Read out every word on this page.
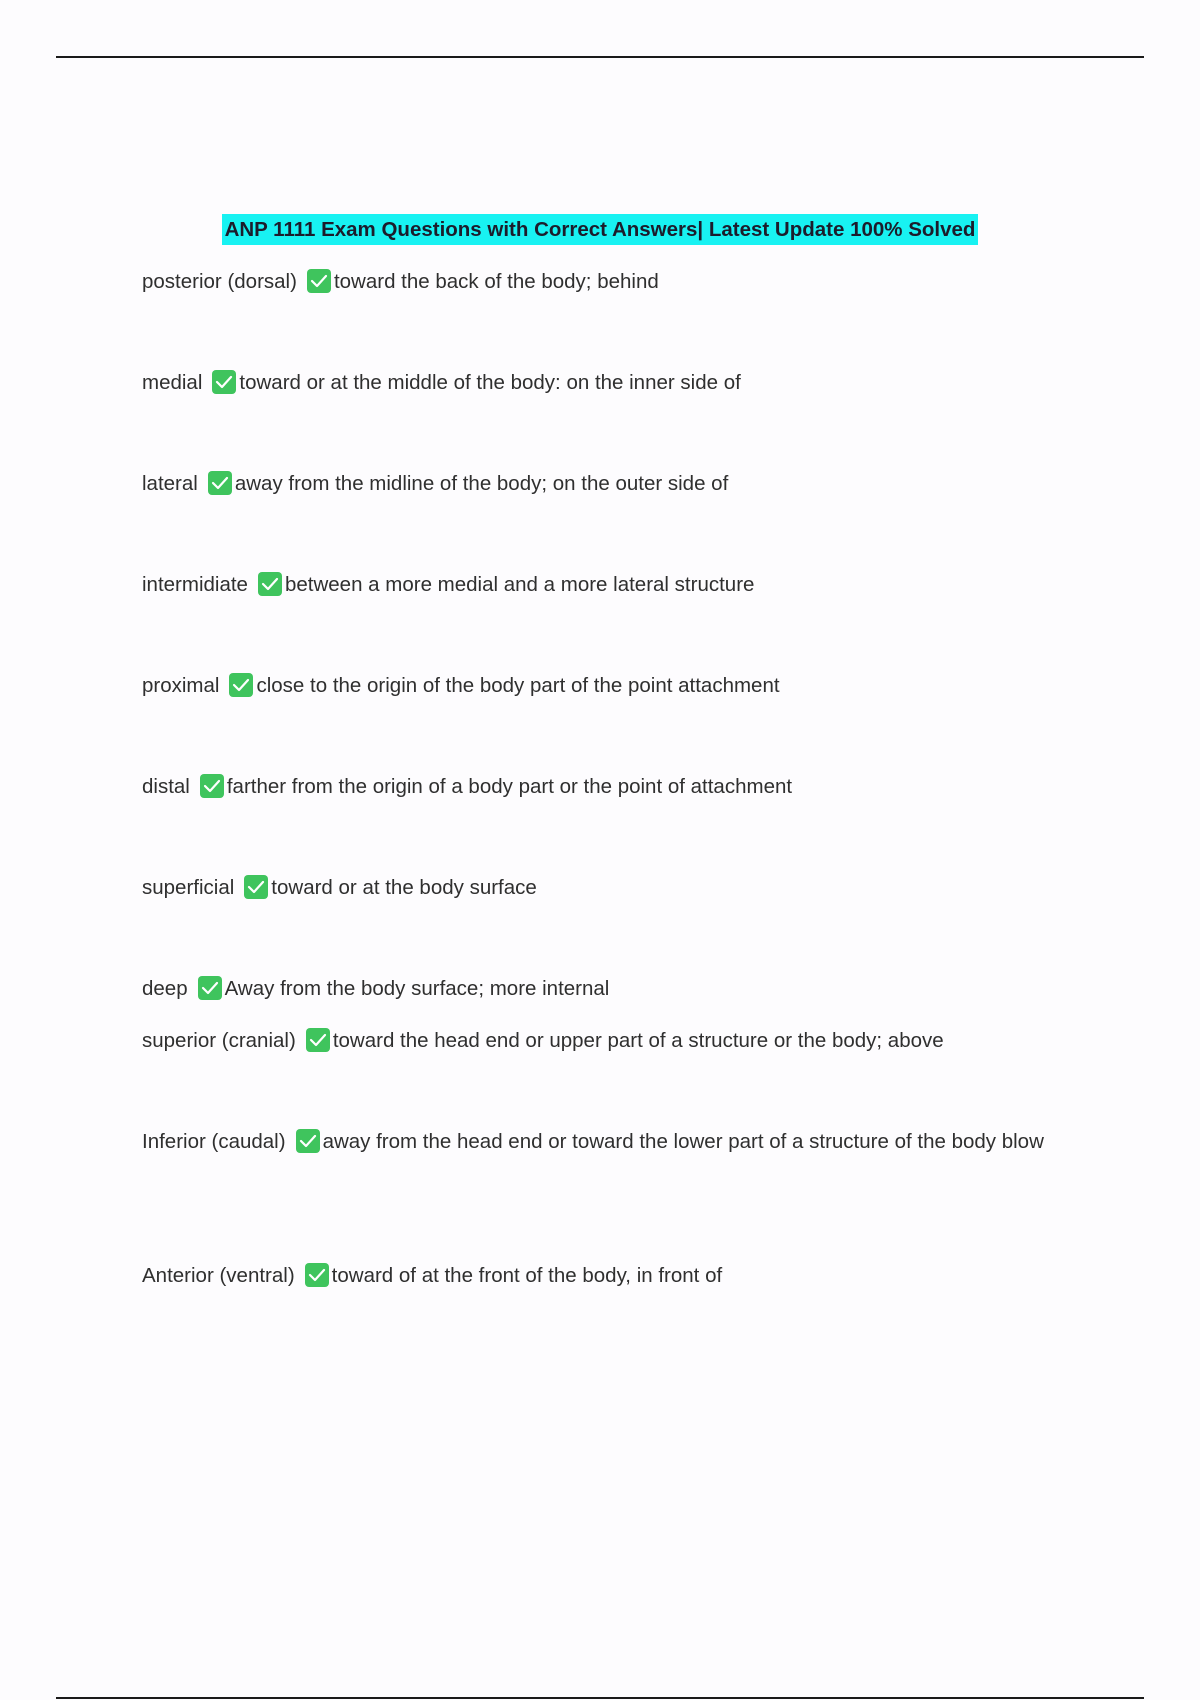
ANP 1111 Exam Questions with Correct Answers| Latest Update 100% Solved
posterior (dorsal) toward the back of the body; behind
medial toward or at the middle of the body: on the inner side of
lateral away from the midline of the body; on the outer side of
intermidiate between a more medial and a more lateral structure
proximal close to the origin of the body part of the point attachment
distal farther from the origin of a body part or the point of attachment
superficial toward or at the body surface
deep Away from the body surface; more internal
superior (cranial) toward the head end or upper part of a structure or the body; above
Inferior (caudal) away from the head end or toward the lower part of a structure of the body blow
Anterior (ventral) toward of at the front of the body, in front of
